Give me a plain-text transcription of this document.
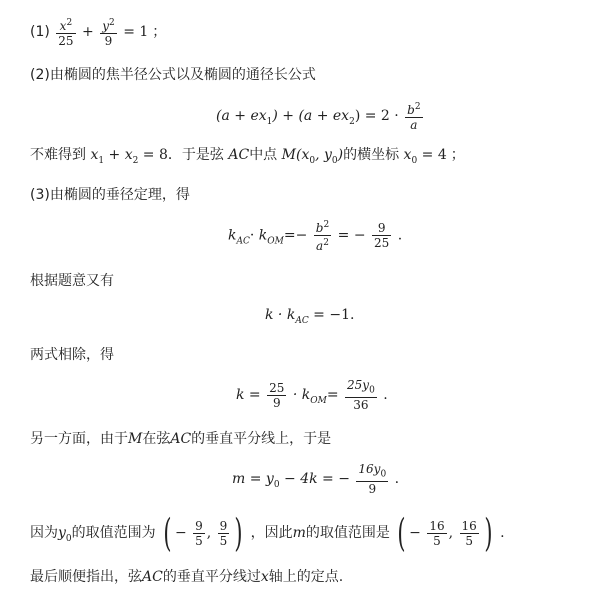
$(1) \frac{x^2}{25} + \frac{y^2}{9} = 1$ ；
(2)由椭圆的焦半径公式以及椭圆的通径长公式
$(a + ex_1) + (a + ex_2) = 2 \cdot \frac{b^2}{a}$
不难得到 $x_1 + x_2 = 8$．于是弦 AC中点 $M(x_0$, $y_0$)的横坐标 $x_0 = 4$ ；
(3)由椭圆的垂径定理，得
$k_{AC}\cdot k_{OM}=- \frac{b^2}{a^2}$ = − $\frac{9}{25}$ .
根据题意又有
$k \cdot k_{AC} = -1$.
两式相除，得
$k = \frac{25}{9} \cdot k_{OM}= \frac{25y_0}{36}$ .
另一方面，由于M在弦AC的垂直平分线上，于是
$m = y_0 - 4k$ = − $\frac{16y_0}{9}$ .
因为$y_0$的取值范围为 ( − $\frac{9}{5}$ , $\frac{9}{5}$ ) ，因此m的取值范围是 ( − $\frac{16}{5}$ , $\frac{16}{5}$ ) .
最后顺便指出，弦AC的垂直平分线过x轴上的定点.
